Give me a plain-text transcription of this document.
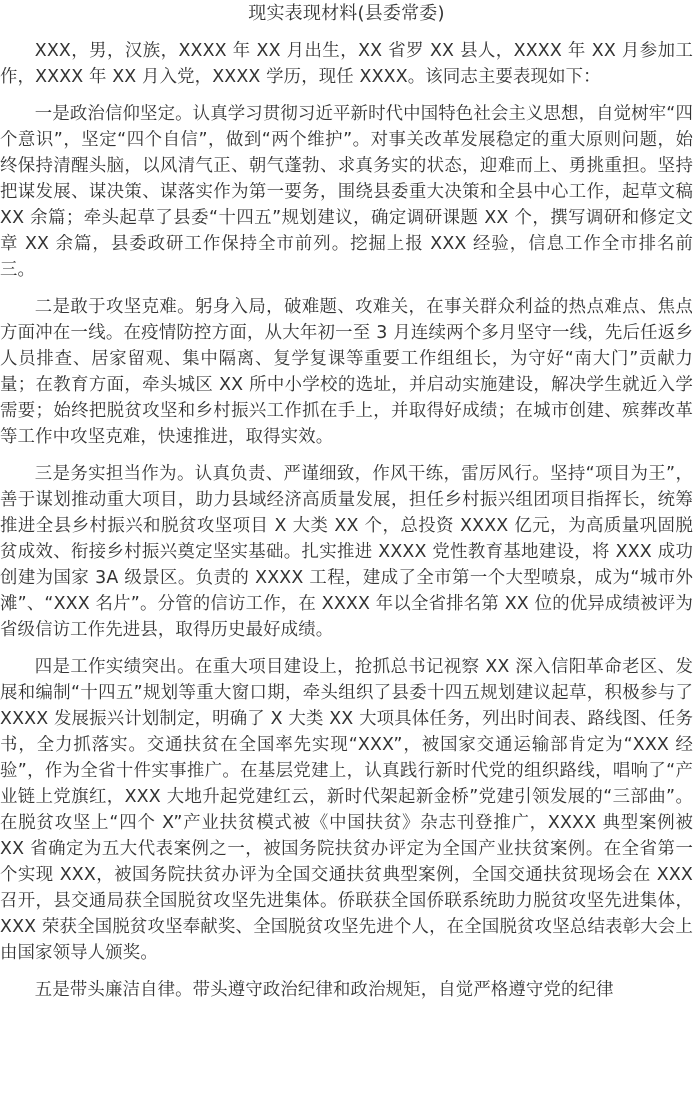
现实表现材料(县委常委)

XXX，男，汉族，XXXX 年 XX 月出生，XX 省罗 XX 县人，XXXX 年 XX 月参加工作，XXXX 年 XX 月入党，XXXX 学历，现任 XXXX。该同志主要表现如下：

一是政治信仰坚定。认真学习贯彻习近平新时代中国特色社会主义思想，自觉树牢“四个意识”，坚定“四个自信”，做到“两个维护”。对事关改革发展稳定的重大原则问题，始终保持清醒头脑，以风清气正、朝气蓬勃、求真务实的状态，迎难而上、勇挑重担。坚持把谋发展、谋决策、谋落实作为第一要务，围绕县委重大决策和全县中心工作，起草文稿 XX 余篇；牵头起草了县委“十四五”规划建议，确定调研课题 XX 个，撰写调研和修定文章 XX 余篇，县委政研工作保持全市前列。挖掘上报 XXX 经验，信息工作全市排名前三。

二是敢于攻坚克难。躬身入局，破难题、攻难关，在事关群众利益的热点难点、焦点方面冲在一线。在疫情防控方面，从大年初一至 3 月连续两个多月坚守一线，先后任返乡人员排查、居家留观、集中隔离、复学复课等重要工作组组长，为守好“南大门”贡献力量；在教育方面，牵头城区 XX 所中小学校的选址，并启动实施建设，解决学生就近入学需要；始终把脱贫攻坚和乡村振兴工作抓在手上，并取得好成绩；在城市创建、殡葬改革等工作中攻坚克难，快速推进，取得实效。

三是务实担当作为。认真负责、严谨细致，作风干练，雷厉风行。坚持“项目为王”，善于谋划推动重大项目，助力县域经济高质量发展，担任乡村振兴组团项目指挥长，统筹推进全县乡村振兴和脱贫攻坚项目 X 大类 XX 个，总投资 XXXX 亿元，为高质量巩固脱贫成效、衔接乡村振兴奠定坚实基础。扎实推进 XXXX 党性教育基地建设，将 XXX 成功创建为国家 3A 级景区。负责的 XXXX 工程，建成了全市第一个大型喷泉，成为“城市外滩”、“XXX 名片”。分管的信访工作，在 XXXX 年以全省排名第 XX 位的优异成绩被评为省级信访工作先进县，取得历史最好成绩。

四是工作实绩突出。在重大项目建设上，抢抓总书记视察 XX 深入信阳革命老区、发展和编制“十四五”规划等重大窗口期，牵头组织了县委十四五规划建议起草，积极参与了 XXXX 发展振兴计划制定，明确了 X 大类 XX 大项具体任务，列出时间表、路线图、任务书，全力抓落实。交通扶贫在全国率先实现“XXX”，被国家交通运输部肯定为“XXX 经验”，作为全省十件实事推广。在基层党建上，认真践行新时代党的组织路线，唱响了“产业链上党旗红，XXX 大地升起党建红云，新时代架起新金桥”党建引领发展的“三部曲”。在脱贫攻坚上“四个 X”产业扶贫模式被《中国扶贫》杂志刊登推广，XXXX 典型案例被 XX 省确定为五大代表案例之一，被国务院扶贫办评定为全国产业扶贫案例。在全省第一个实现 XXX，被国务院扶贫办评为全国交通扶贫典型案例，全国交通扶贫现场会在 XXX 召开，县交通局获全国脱贫攻坚先进集体。侨联获全国侨联系统助力脱贫攻坚先进集体，XXX 荣获全国脱贫攻坚奉献奖、全国脱贫攻坚先进个人，在全国脱贫攻坚总结表彰大会上由国家领导人颁奖。

五是带头廉洁自律。带头遵守政治纪律和政治规矩，自觉严格遵守党的纪律
